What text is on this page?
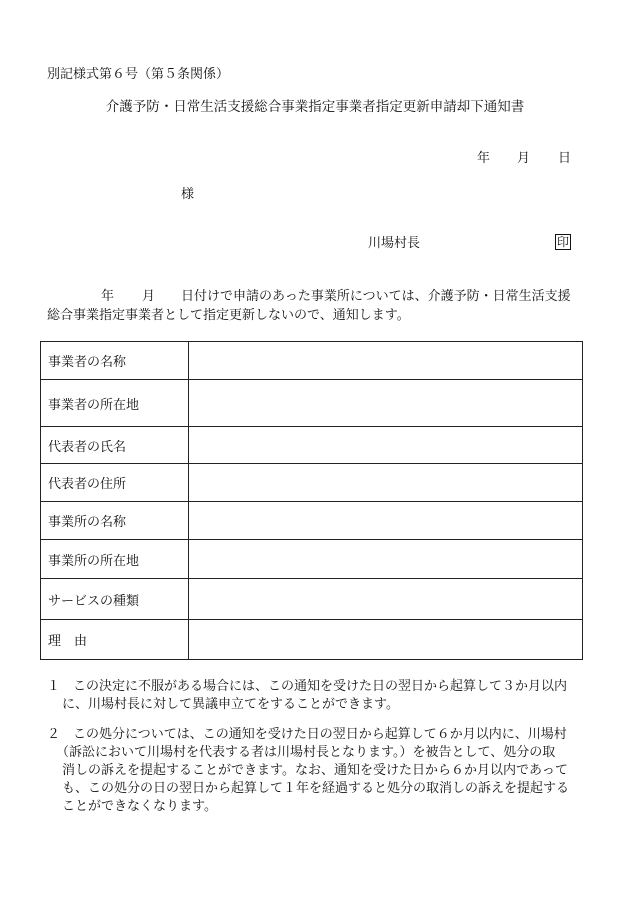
別記様式第６号（第５条関係）
介護予防・日常生活支援総合事業指定事業者指定更新申請却下通知書
年 月 日
様
川場村長	印
年 月 日付けで申請のあった事業所については、介護予防・日常生活支援
総合事業指定事業者として指定更新しないので、通知します。
事業者の名称	
事業者の所在地	
代表者の氏名	
代表者の住所	
事業所の名称	
事業所の所在地	
サービスの種類	
理　由	
１　この決定に不服がある場合には、この通知を受けた日の翌日から起算して３か月以内
に、川場村長に対して異議申立てをすることができます。
２　この処分については、この通知を受けた日の翌日から起算して６か月以内に、川場村
（訴訟において川場村を代表する者は川場村長となります。）を被告として、処分の取
消しの訴えを提起することができます。なお、通知を受けた日から６か月以内であって
も、この処分の日の翌日から起算して１年を経過すると処分の取消しの訴えを提起する
ことができなくなります。
